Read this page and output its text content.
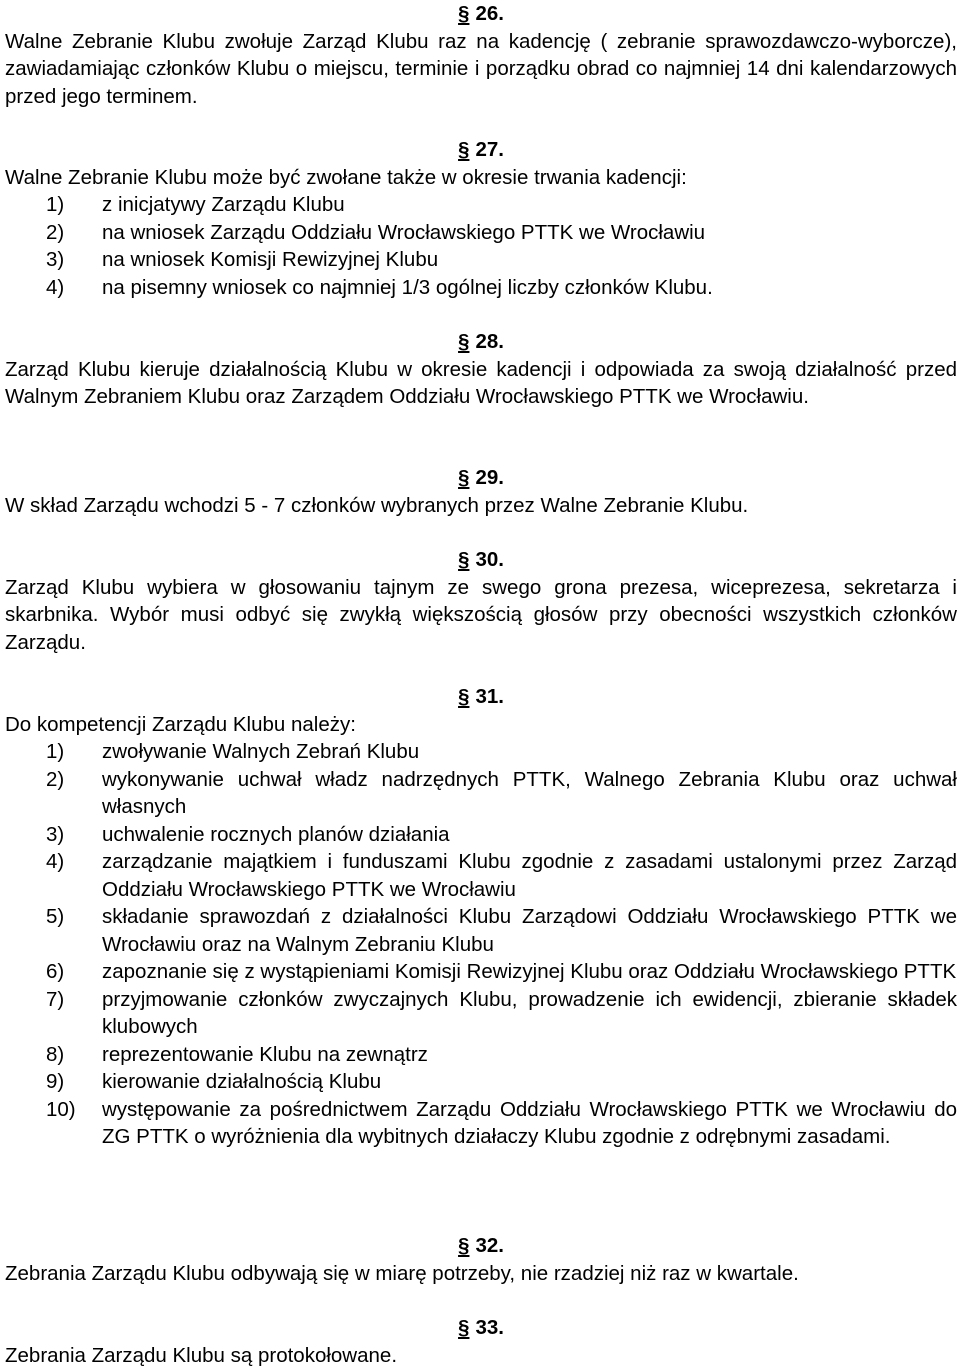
§ 26.
Walne Zebranie Klubu zwołuje Zarząd Klubu raz na kadencję ( zebranie sprawozdawczo-wyborcze), zawiadamiając członków Klubu o miejscu, terminie i porządku obrad co najmniej 14 dni kalendarzowych przed jego terminem.
§ 27.
Walne Zebranie Klubu może być zwołane także w okresie trwania kadencji:
1) z inicjatywy Zarządu Klubu
2) na wniosek Zarządu Oddziału Wrocławskiego PTTK we Wrocławiu
3) na wniosek Komisji Rewizyjnej Klubu
4) na pisemny wniosek co najmniej 1/3 ogólnej liczby członków Klubu.
§ 28.
Zarząd Klubu kieruje działalnością Klubu w okresie kadencji i odpowiada za swoją działalność przed Walnym Zebraniem Klubu oraz Zarządem Oddziału Wrocławskiego PTTK we Wrocławiu.
§ 29.
W skład Zarządu wchodzi 5 - 7 członków wybranych przez Walne Zebranie Klubu.
§ 30.
Zarząd Klubu wybiera w głosowaniu tajnym ze swego grona prezesa, wiceprezesa, sekretarza i skarbnika. Wybór musi odbyć się zwykłą większością głosów przy obecności wszystkich członków Zarządu.
§ 31.
Do kompetencji Zarządu Klubu należy:
1) zwoływanie Walnych Zebrań Klubu
2) wykonywanie uchwał władz nadrzędnych PTTK, Walnego Zebrania Klubu oraz uchwał własnych
3) uchwalenie rocznych planów działania
4) zarządzanie majątkiem i funduszami Klubu zgodnie z zasadami ustalonymi przez Zarząd Oddziału Wrocławskiego PTTK we Wrocławiu
5) składanie sprawozdań z działalności Klubu Zarządowi Oddziału Wrocławskiego PTTK we Wrocławiu oraz na Walnym Zebraniu Klubu
6) zapoznanie się z wystąpieniami Komisji Rewizyjnej Klubu oraz Oddziału Wrocławskiego PTTK
7) przyjmowanie członków zwyczajnych Klubu, prowadzenie ich ewidencji, zbieranie składek klubowych
8) reprezentowanie Klubu na zewnątrz
9) kierowanie działalnością Klubu
10) występowanie za pośrednictwem Zarządu Oddziału Wrocławskiego PTTK we Wrocławiu do ZG PTTK o wyróżnienia dla wybitnych działaczy Klubu zgodnie z odrębnymi zasadami.
§ 32.
Zebrania Zarządu Klubu odbywają się w miarę potrzeby, nie rzadziej niż raz w kwartale.
§ 33.
Zebrania Zarządu Klubu są protokołowane.
